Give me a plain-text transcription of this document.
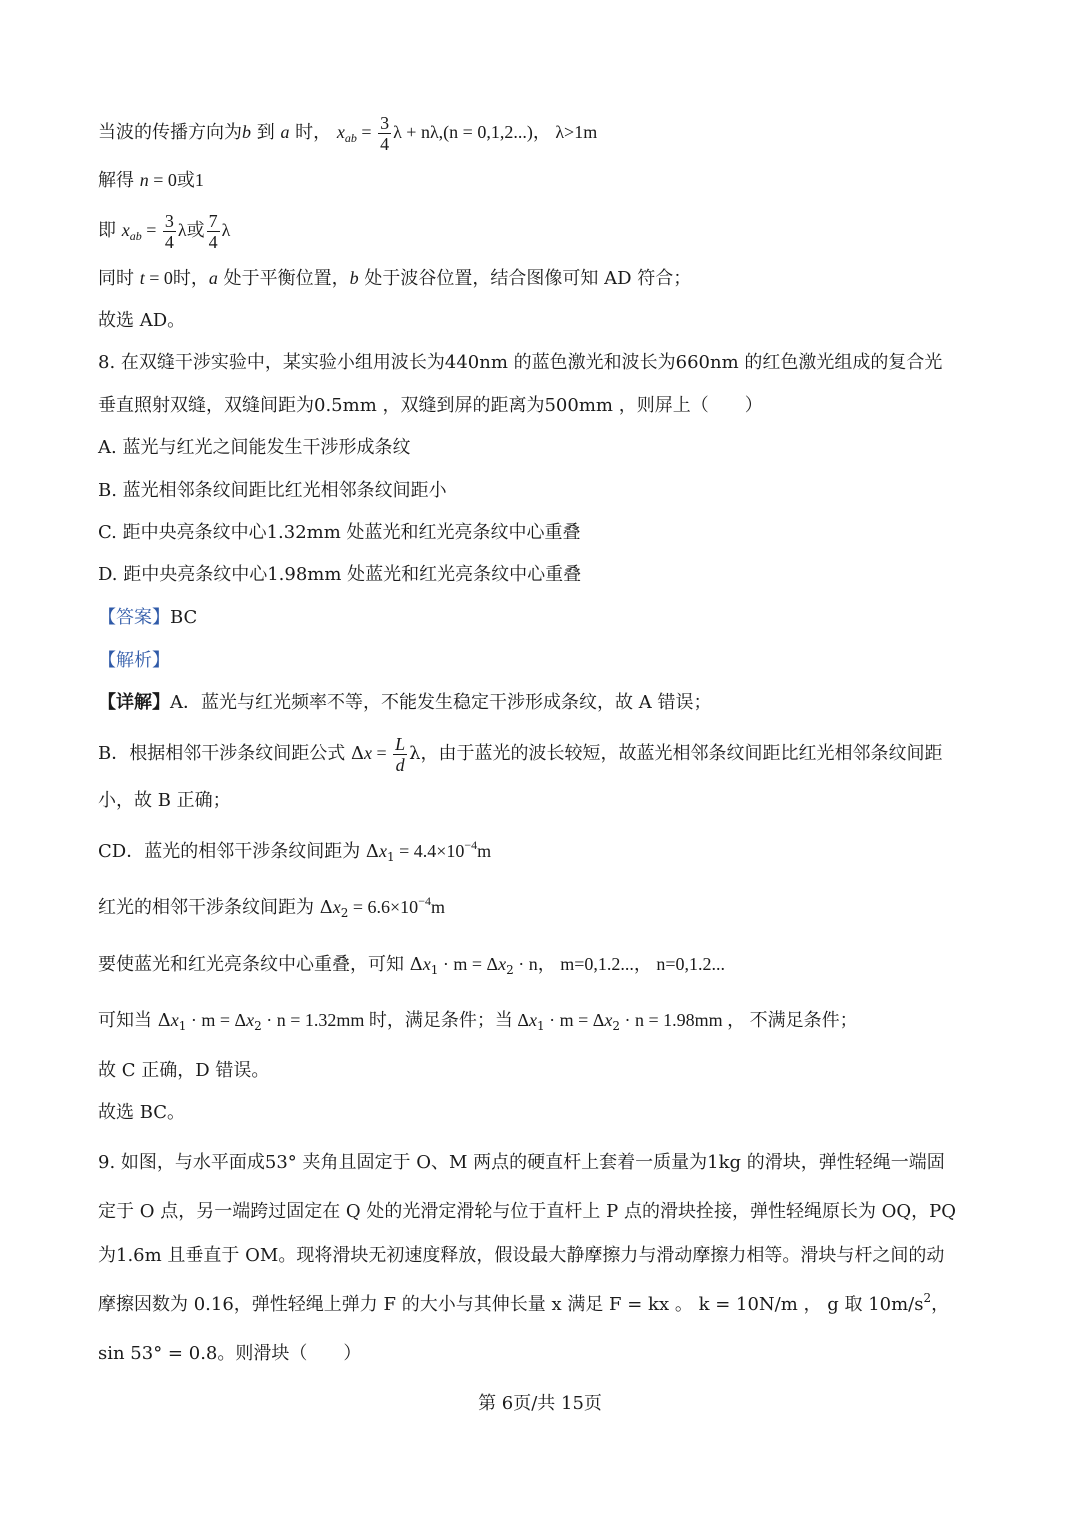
当波的传播方向为b 到 a 时， $x_{ab} = \frac{3}{4}$ λ + nλ,(n = 0,1,2...)， λ>1m
解得 n = 0或1
即 $x_{ab} = \frac{3}{4}$ λ或 $\frac{7}{4}$ λ
同时 t = 0时，a 处于平衡位置，b 处于波谷位置，结合图像可知 AD 符合；
故选 AD。
8. 在双缝干涉实验中，某实验小组用波长为440nm 的蓝色激光和波长为660nm 的红色激光组成的复合光
垂直照射双缝，双缝间距为0.5mm ，双缝到屏的距离为500mm ，则屏上（　　）
A. 蓝光与红光之间能发生干涉形成条纹
B. 蓝光相邻条纹间距比红光相邻条纹间距小
C. 距中央亮条纹中心1.32mm 处蓝光和红光亮条纹中心重叠
D. 距中央亮条纹中心1.98mm 处蓝光和红光亮条纹中心重叠
【答案】BC
【解析】
【详解】A．蓝光与红光频率不等，不能发生稳定干涉形成条纹，故 A 错误；
B．根据相邻干涉条纹间距公式 $\Delta x = \frac{L}{d}$ λ，由于蓝光的波长较短，故蓝光相邻条纹间距比红光相邻条纹间距
小，故 B 正确；
CD．蓝光的相邻干涉条纹间距为 $\Delta x_1 = 4.4\times 10^{-4}m$
红光的相邻干涉条纹间距为 $\Delta x_2 = 6.6\times 10^{-4}m$
要使蓝光和红光亮条纹中心重叠，可知 $\Delta x_1 \cdot m = \Delta x_2 \cdot n$， m=0,1.2...， n=0,1.2...
可知当 $\Delta x_1 \cdot m = \Delta x_2 \cdot n = 1.32mm$ 时，满足条件；当 $\Delta x_1 \cdot m = \Delta x_2 \cdot n = 1.98mm$ ， 不满足条件；
故 C 正确，D 错误。
故选 BC。
9. 如图，与水平面成53° 夹角且固定于 O、M 两点的硬直杆上套着一质量为1kg 的滑块，弹性轻绳一端固
定于 O 点，另一端跨过固定在 Q 处的光滑定滑轮与位于直杆上 P 点的滑块拴接，弹性轻绳原长为 OQ，PQ
为1.6m 且垂直于 OM。现将滑块无初速度释放，假设最大静摩擦力与滑动摩擦力相等。滑块与杆之间的动
摩擦因数为 0.16，弹性轻绳上弹力 F 的大小与其伸长量 x 满足 F = kx 。 k = 10N/m ， g 取 $10m/s^2$，
sin 53° = 0.8。则滑块（　　）
第 6页/共 15页
